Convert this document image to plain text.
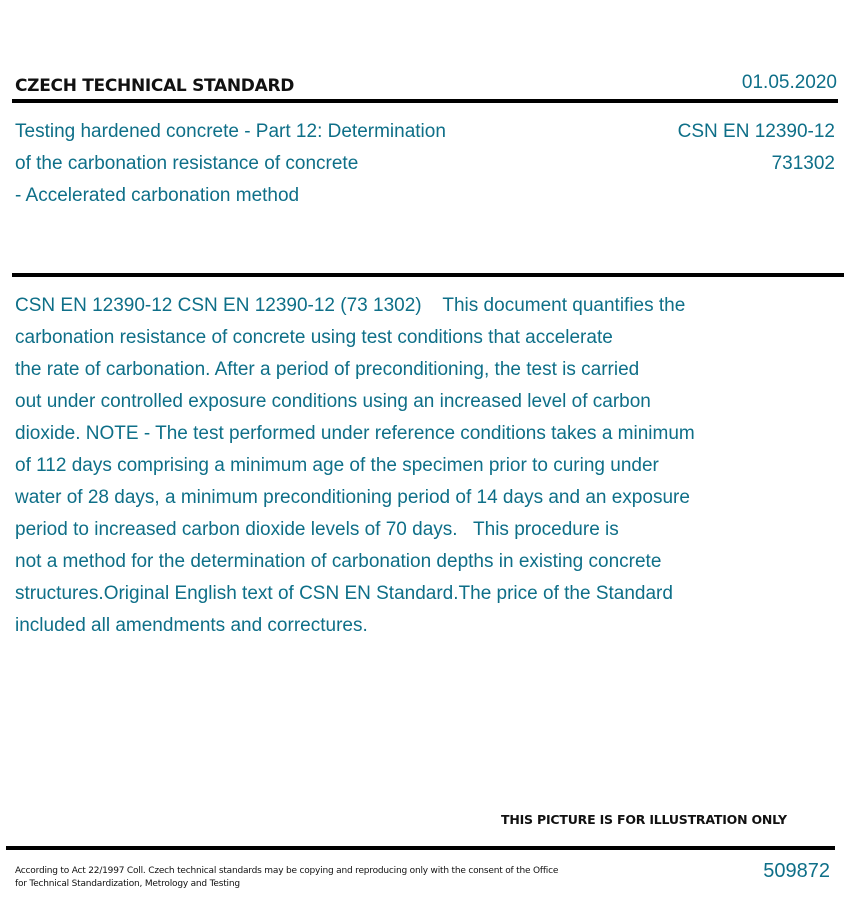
CZECH TECHNICAL STANDARD	01.05.2020
Testing hardened concrete - Part 12: Determination
of the carbonation resistance of concrete
- Accelerated carbonation method
CSN EN 12390-12
731302
CSN EN 12390-12 CSN EN 12390-12 (73 1302)    This document quantifies the
carbonation resistance of concrete using test conditions that accelerate
the rate of carbonation. After a period of preconditioning, the test is carried
out under controlled exposure conditions using an increased level of carbon
dioxide. NOTE - The test performed under reference conditions takes a minimum
of 112 days comprising a minimum age of the specimen prior to curing under
water of 28 days, a minimum preconditioning period of 14 days and an exposure
period to increased carbon dioxide levels of 70 days.   This procedure is
not a method for the determination of carbonation depths in existing concrete
structures.Original English text of CSN EN Standard.The price of the Standard
included all amendments and correctures.
THIS PICTURE IS FOR ILLUSTRATION ONLY
According to Act 22/1997 Coll. Czech technical standards may be copying and reproducing only with the consent of the Office
for Technical Standardization, Metrology and Testing
509872
